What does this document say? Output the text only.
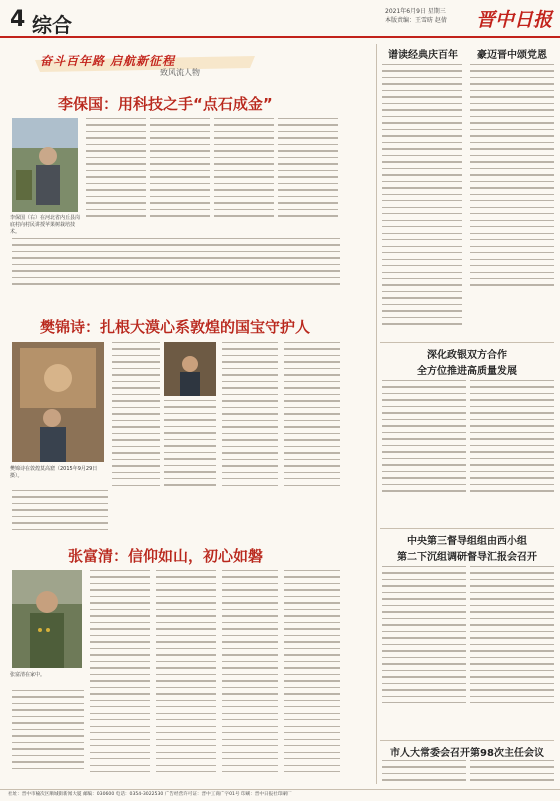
4 综合
2021年6月9日 星期三
本版责编：王雪昉 赵倩 晋中日报
奋斗百年路 启航新征程
致风流人物
李保国：用科技之手“点石成金”
李保国（右）在河北省内丘县岗底村向村民讲授苹果树栽培技术。
樊锦诗：扎根大漠心系敦煌的国宝守护人
樊锦诗在敦煌莫高窟（2015年9月29日摄）。
张富清：信仰如山，初心如磐
张富清在家中。
谱读经典庆百年	豪迈晋中颂党恩
深化政银双方合作
全方位推进高质量发展
中央第三督导组组由西小组
第二下沉组调研督导汇报会召开
市人大常委会召开第98次主任会议
社址：晋中市榆次区顺城街新闻大厦 邮编：030600 电话：0354-3022530 广告经营许可证：晋中工商广字01号 印刷：晋中日报社印刷厂
